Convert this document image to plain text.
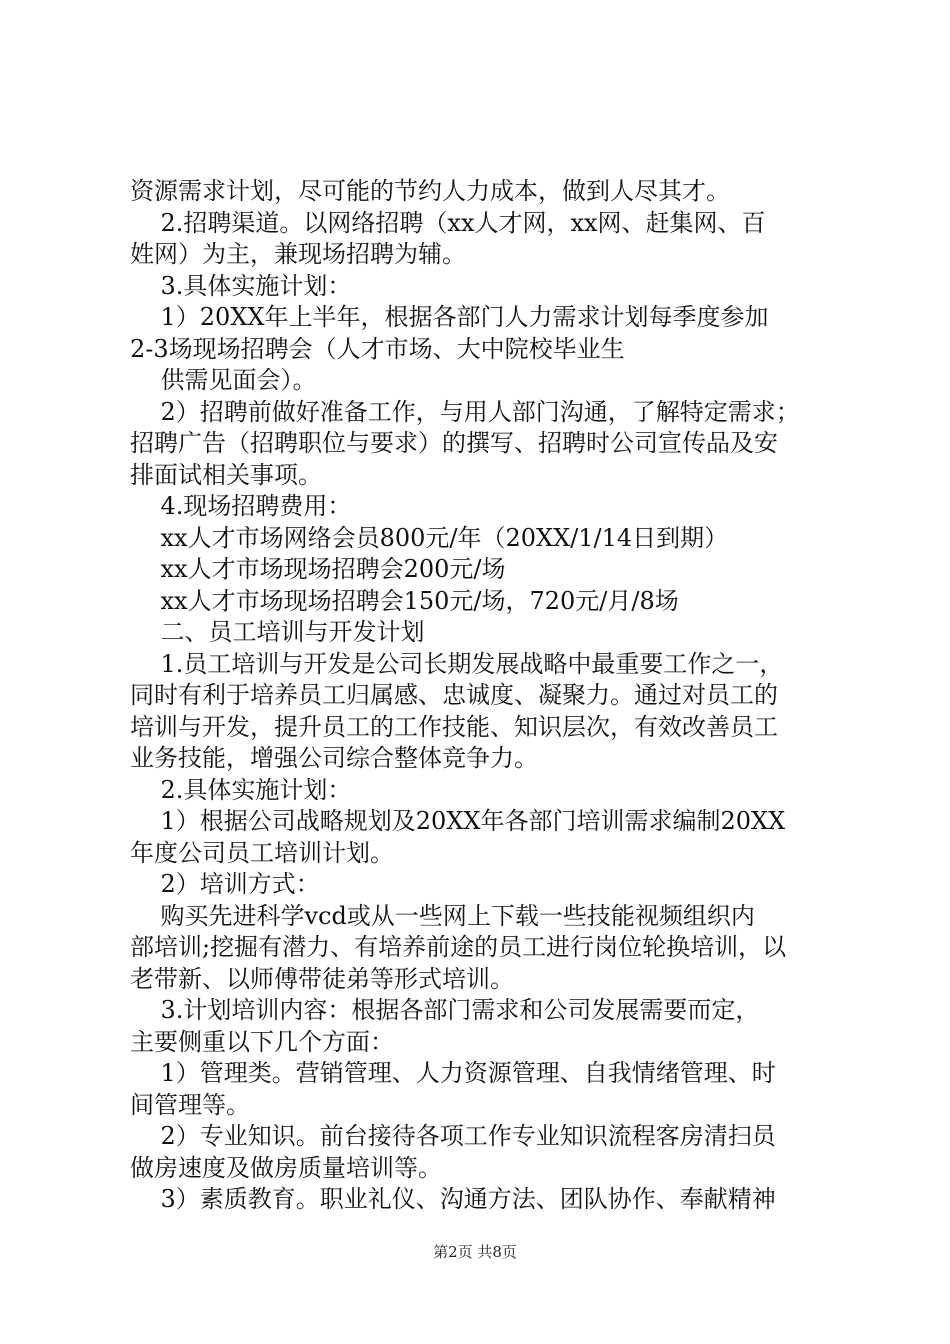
资源需求计划，尽可能的节约人力成本，做到人尽其才。
2.招聘渠道。以网络招聘（xx人才网，xx网、赶集网、百
姓网）为主，兼现场招聘为辅。
3.具体实施计划：
1）20XX年上半年，根据各部门人力需求计划每季度参加
2-3场现场招聘会（人才市场、大中院校毕业生
供需见面会）。
2）招聘前做好准备工作，与用人部门沟通，了解特定需求；
招聘广告（招聘职位与要求）的撰写、招聘时公司宣传品及安
排面试相关事项。
4.现场招聘费用：
xx人才市场网络会员800元/年（20XX/1/14日到期）
xx人才市场现场招聘会200元/场
xx人才市场现场招聘会150元/场，720元/月/8场
二、员工培训与开发计划
1.员工培训与开发是公司长期发展战略中最重要工作之一，
同时有利于培养员工归属感、忠诚度、凝聚力。通过对员工的
培训与开发，提升员工的工作技能、知识层次，有效改善员工
业务技能，增强公司综合整体竞争力。
2.具体实施计划：
1）根据公司战略规划及20XX年各部门培训需求编制20XX
年度公司员工培训计划。
2）培训方式：
购买先进科学vcd或从一些网上下载一些技能视频组织内
部培训;挖掘有潜力、有培养前途的员工进行岗位轮换培训，以
老带新、以师傅带徒弟等形式培训。
3.计划培训内容：根据各部门需求和公司发展需要而定，
主要侧重以下几个方面：
1）管理类。营销管理、人力资源管理、自我情绪管理、时
间管理等。
2）专业知识。前台接待各项工作专业知识流程客房清扫员
做房速度及做房质量培训等。
3）素质教育。职业礼仪、沟通方法、团队协作、奉献精神
第2页 共8页
